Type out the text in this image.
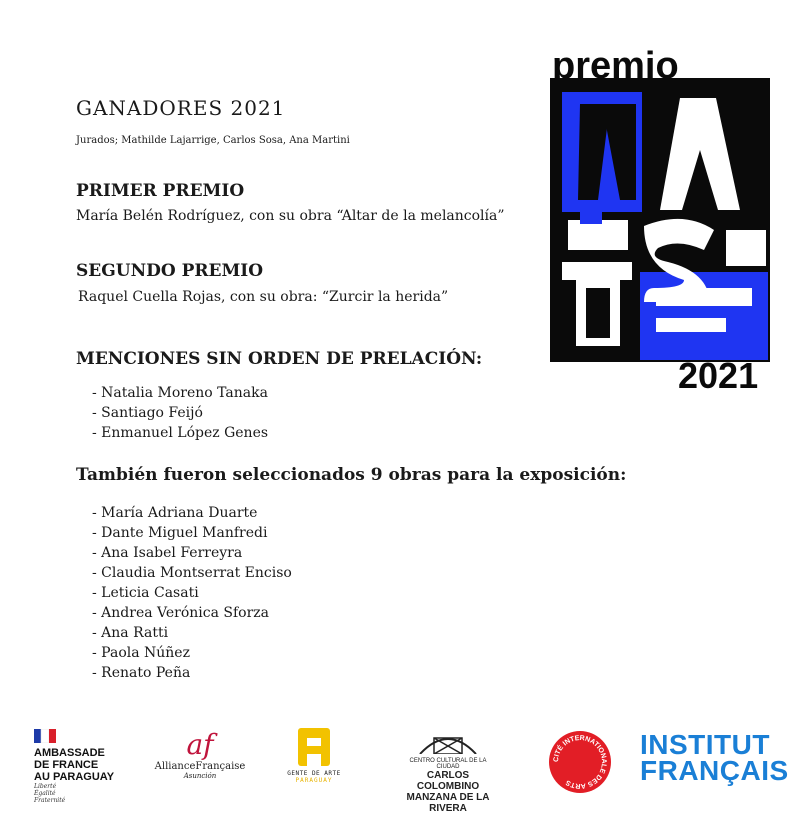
GANADORES 2021
Jurados; Mathilde Lajarrige, Carlos Sosa, Ana Martini
PRIMER PREMIO
María Belén Rodríguez, con su obra “Altar de la melancolía”
SEGUNDO PREMIO
Raquel Cuella Rojas, con su obra: “Zurcir la herida”
MENCIONES SIN ORDEN DE PRELACIÓN:
- Natalia Moreno Tanaka
- Santiago Feijó
- Enmanuel López Genes
También fueron seleccionados 9 obras para la exposición:
- María Adriana Duarte
- Dante Miguel Manfredi
- Ana Isabel Ferreyra
- Claudia Montserrat Enciso
- Leticia Casati
- Andrea Verónica Sforza
- Ana Ratti
- Paola Núñez
- Renato Peña
premio
2021
AMBASSADE
DE FRANCE
AU PARAGUAY
Liberté
Égalité
Fraternité
af
AllianceFrançaise
Asunción	GENTE DE ARTE
PARAGUAY
CENTRO CULTURAL DE LA CIUDAD
CARLOS COLOMBINO
MANZANA DE LA RIVERA
CITÉ INTERNATIONALE DES ARTS
INSTITUT
FRANÇAIS
